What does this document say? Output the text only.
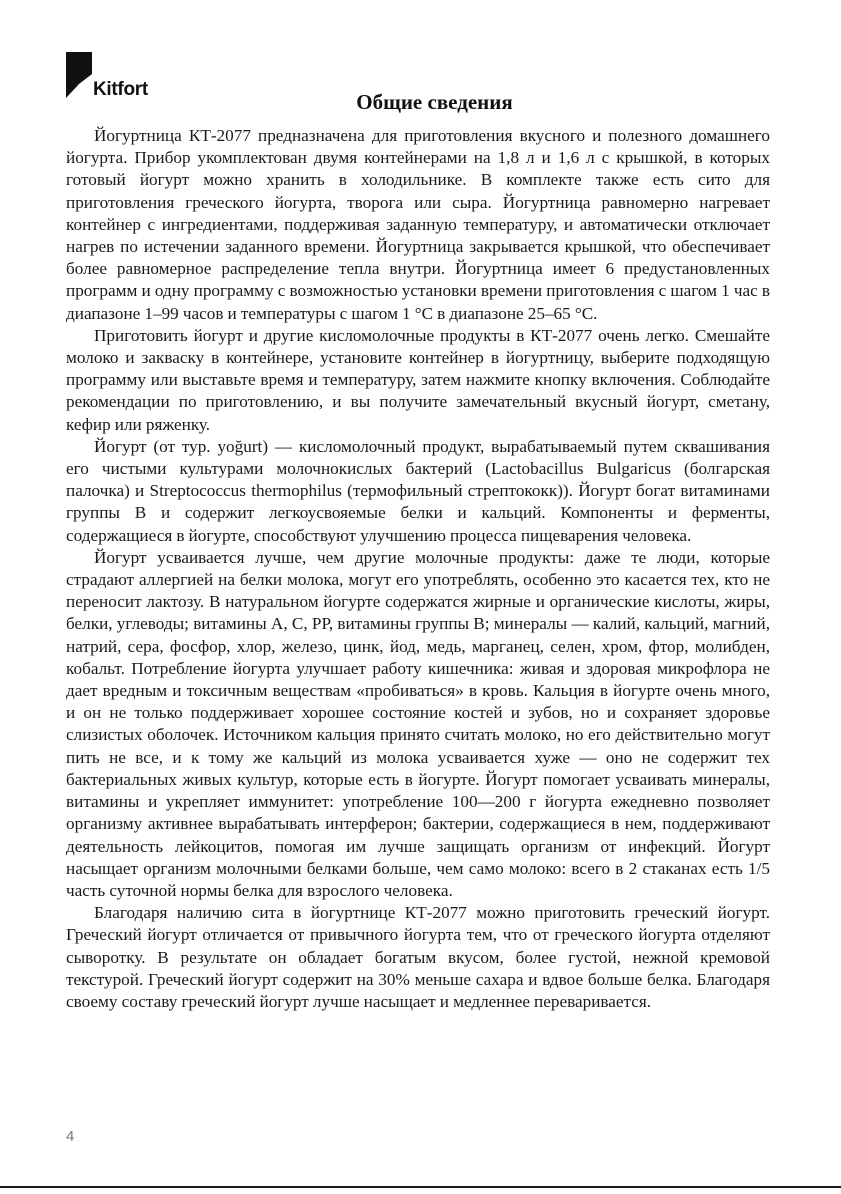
Kitfort
Общие сведения

Йогуртница КТ-2077 предназначена для приготовления вкусного и полезного домашнего йогурта. Прибор укомплектован двумя контейнерами на 1,8 л и 1,6 л с крышкой, в которых готовый йогурт можно хранить в холодильнике. В комплекте также есть сито для приготовления греческого йогурта, творога или сыра. Йогуртница равномерно нагревает контейнер с ингредиентами, поддерживая заданную температуру, и автоматически отключает нагрев по истечении заданного времени. Йогуртница закрывается крышкой, что обеспечивает более равномерное распределение тепла внутри. Йогуртница имеет 6 предустановленных программ и одну программу с возможностью установки времени приготовления с шагом 1 час в диапазоне 1–99 часов и температуры с шагом 1 °С в диапазоне 25–65 °С.

Приготовить йогурт и другие кисломолочные продукты в КТ-2077 очень легко. Смешайте молоко и закваску в контейнере, установите контейнер в йогуртницу, выберите подходящую программу или выставьте время и температуру, затем нажмите кнопку включения. Соблюдайте рекомендации по приготовлению, и вы получите замечательный вкусный йогурт, сметану, кефир или ряженку.

Йогурт (от тур. yoğurt) — кисломолочный продукт, вырабатываемый путем сквашивания его чистыми культурами молочнокислых бактерий (Lactobacillus Bulgaricus (болгарская палочка) и Streptococcus thermophilus (термофильный стрептококк)). Йогурт богат витаминами группы В и содержит легкоусвояемые белки и кальций. Компоненты и ферменты, содержащиеся в йогурте, способствуют улучшению процесса пищеварения человека.

Йогурт усваивается лучше, чем другие молочные продукты: даже те люди, которые страдают аллергией на белки молока, могут его употреблять, особенно это касается тех, кто не переносит лактозу. В натуральном йогурте содержатся жирные и органические кислоты, жиры, белки, углеводы; витамины А, С, РР, витамины группы В; минералы — калий, кальций, магний, натрий, сера, фосфор, хлор, железо, цинк, йод, медь, марганец, селен, хром, фтор, молибден, кобальт. Потребление йогурта улучшает работу кишечника: живая и здоровая микрофлора не дает вредным и токсичным веществам «пробиваться» в кровь. Кальция в йогурте очень много, и он не только поддерживает хорошее состояние костей и зубов, но и сохраняет здоровье слизистых оболочек. Источником кальция принято считать молоко, но его действительно могут пить не все, и к тому же кальций из молока усваивается хуже — оно не содержит тех бактериальных живых культур, которые есть в йогурте. Йогурт помогает усваивать минералы, витамины и укрепляет иммунитет: употребление 100—200 г йогурта ежедневно позволяет организму активнее вырабатывать интерферон; бактерии, содержащиеся в нем, поддерживают деятельность лейкоцитов, помогая им лучше защищать организм от инфекций. Йогурт насыщает организм молочными белками больше, чем само молоко: всего в 2 стаканах есть 1/5 часть суточной нормы белка для взрослого человека.

Благодаря наличию сита в йогуртнице КТ-2077 можно приготовить греческий йогурт. Греческий йогурт отличается от привычного йогурта тем, что от греческого йогурта отделяют сыворотку. В результате он обладает богатым вкусом, более густой, нежной кремовой текстурой. Греческий йогурт содержит на 30% меньше сахара и вдвое больше белка. Благодаря своему составу греческий йогурт лучше насыщает и медленнее переваривается.

4
